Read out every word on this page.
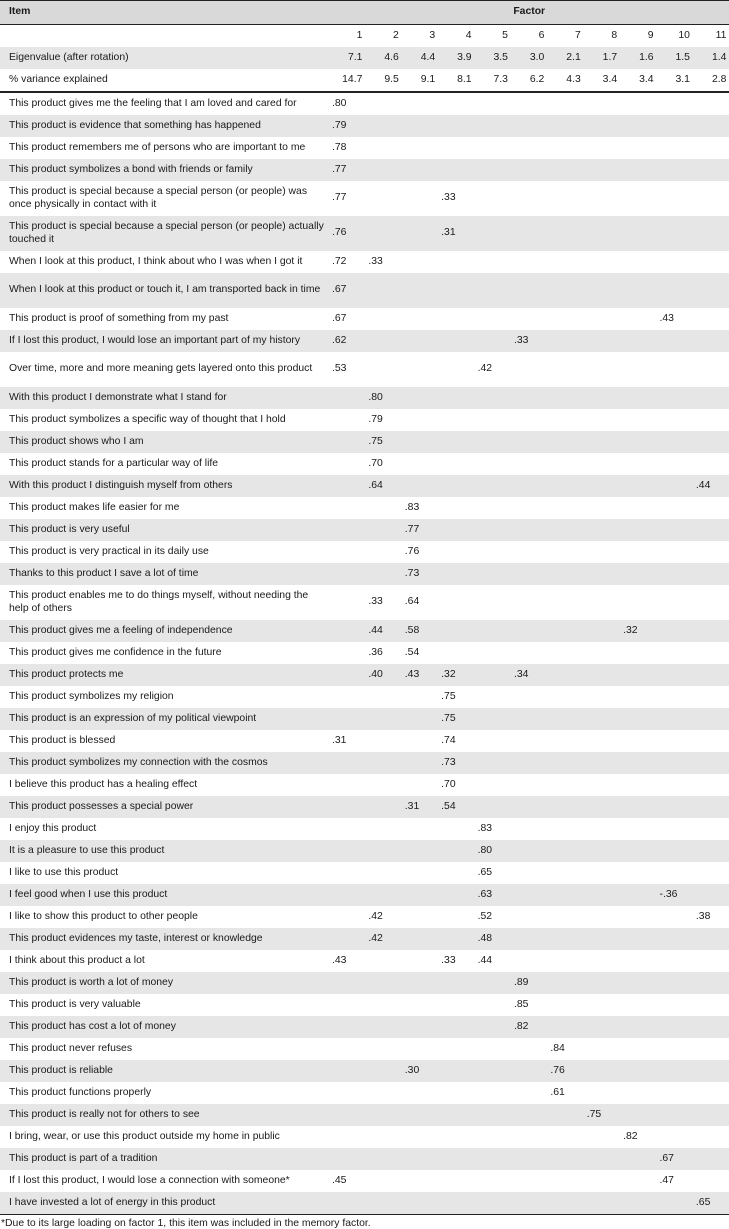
Item	Factor										
	1	2	3	4	5	6	7	8	9	10	11
Eigenvalue (after rotation)	7.1	4.6	4.4	3.9	3.5	3.0	2.1	1.7	1.6	1.5	1.4
% variance explained	14.7	9.5	9.1	8.1	7.3	6.2	4.3	3.4	3.4	3.1	2.8
This product gives me the feeling that I am loved and cared for	.80										
This product is evidence that something has happened	.79										
This product remembers me of persons who are important to me	.78										
This product symbolizes a bond with friends or family	.77										
This product is special because a special person (or people) was once physically in contact with it	.77			.33							
This product is special because a special person (or people) actually touched it	.76			.31							
When I look at this product, I think about who I was when I got it	.72	.33									
When I look at this product or touch it, I am transported back in time	.67										
This product is proof of something from my past	.67									.43	
If I lost this product, I would lose an important part of my history	.62					.33					
Over time, more and more meaning gets layered onto this product	.53				.42						
With this product I demonstrate what I stand for		.80									
This product symbolizes a specific way of thought that I hold		.79									
This product shows who I am		.75									
This product stands for a particular way of life		.70									
With this product I distinguish myself from others		.64									.44
This product makes life easier for me			.83								
This product is very useful			.77								
This product is very practical in its daily use			.76								
Thanks to this product I save a lot of time			.73								
This product enables me to do things myself, without needing the help of others		.33	.64								
This product gives me a feeling of independence		.44	.58						.32		
This product gives me confidence in the future		.36	.54								
This product protects me		.40	.43	.32		.34					
This product symbolizes my religion				.75							
This product is an expression of my political viewpoint				.75							
This product is blessed	.31			.74							
This product symbolizes my connection with the cosmos				.73							
I believe this product has a healing effect				.70							
This product possesses a special power			.31	.54							
I enjoy this product					.83						
It is a pleasure to use this product					.80						
I like to use this product					.65						
I feel good when I use this product					.63					-.36	
I like to show this product to other people		.42			.52						.38
This product evidences my taste, interest or knowledge		.42			.48						
I think about this product a lot	.43			.33	.44						
This product is worth a lot of money						.89					
This product is very valuable						.85					
This product has cost a lot of money						.82					
This product never refuses							.84				
This product is reliable			.30				.76				
This product functions properly							.61				
This product is really not for others to see								.75			
I bring, wear, or use this product outside my home in public									.82		
This product is part of a tradition										.67	
If I lost this product, I would lose a connection with someone*	.45									.47	
I have invested a lot of energy in this product											.65
*Due to its large loading on factor 1, this item was included in the memory factor.
